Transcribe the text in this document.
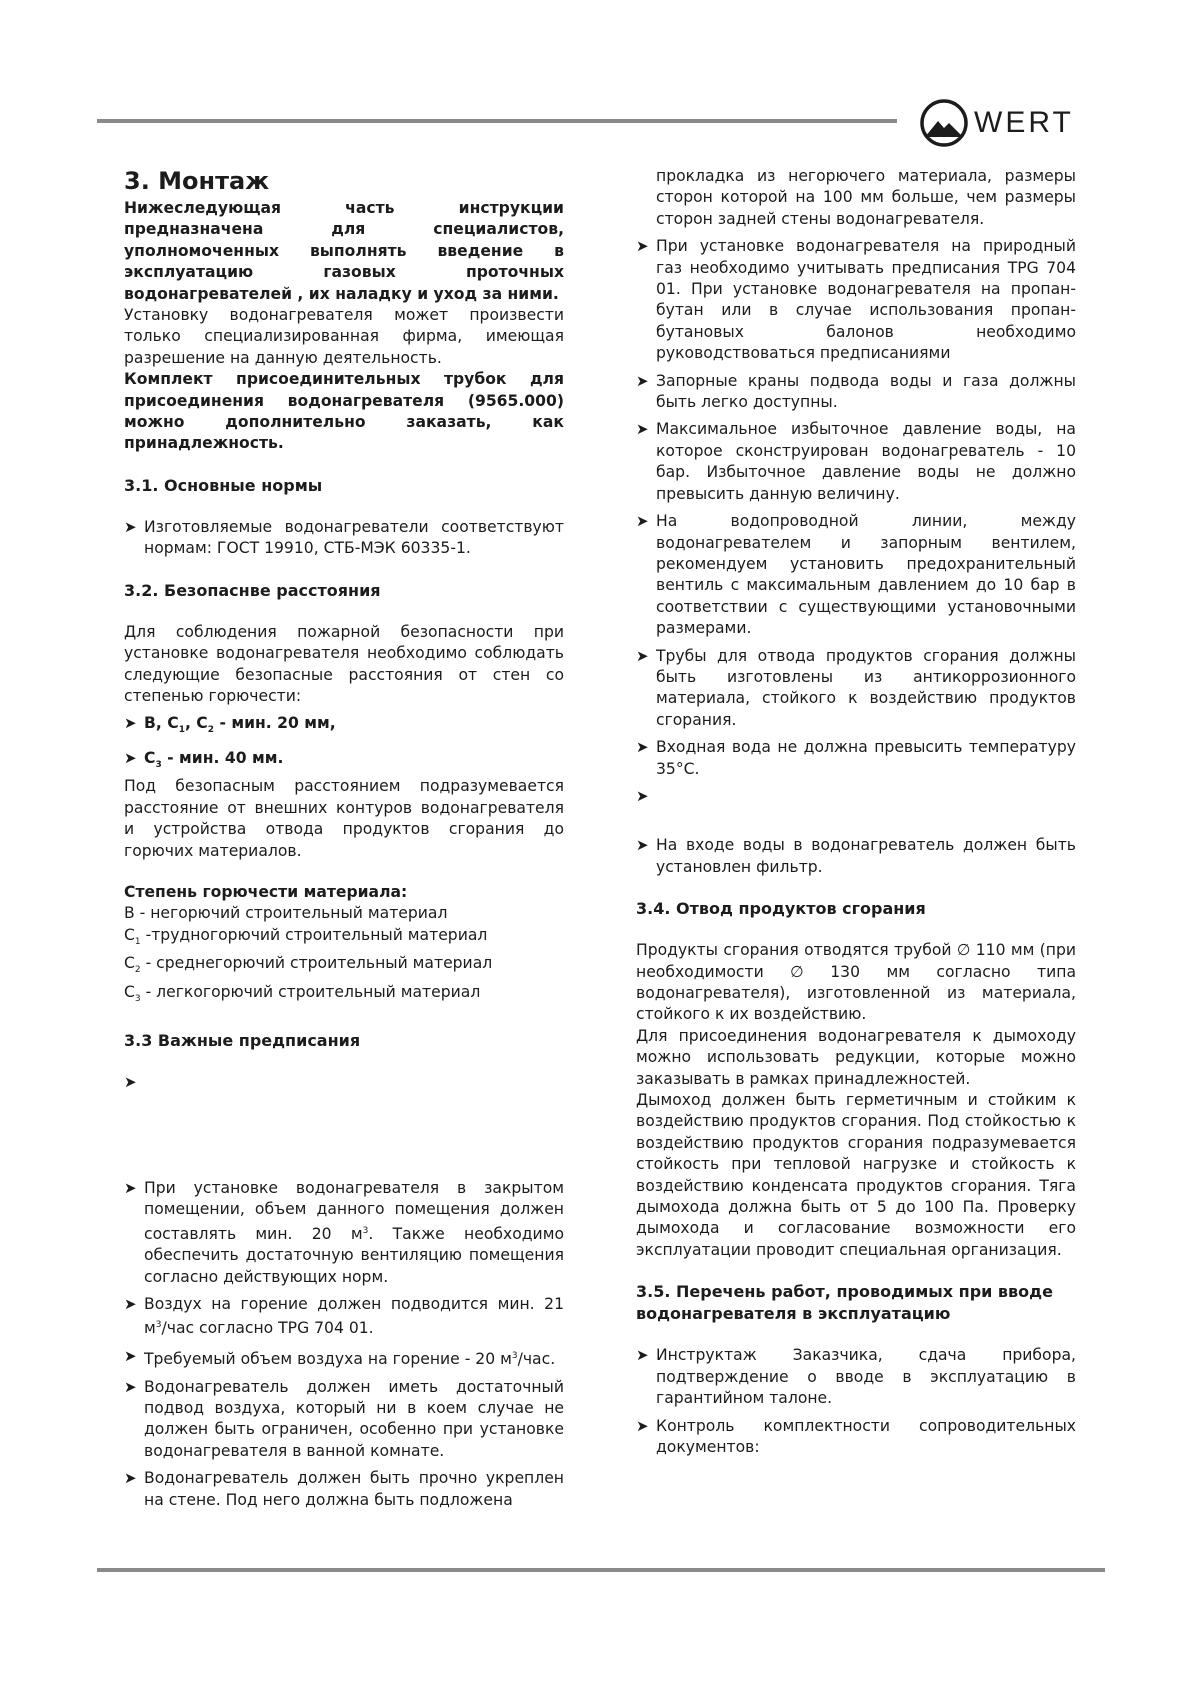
WERT
3. Монтаж

Нижеследующая часть инструкции предназначена для специалистов, уполномоченных выполнять введение в эксплуатацию газовых проточных водонагревателей , их наладку и уход за ними.

Установку водонагревателя может произвести только специализированная фирма, имеющая разрешение на данную деятельность.

Комплект присоединительных трубок для присоединения водонагревателя (9565.000) можно дополнительно заказать, как принадлежность.

3.1. Основные нормы

➤ Изготовляемые водонагреватели соответствуют нормам: ГОСТ 19910, СТБ-МЭК 60335-1.

3.2. Безопаснве расстояния

Для соблюдения пожарной безопасности при установке водонагревателя необходимо соблюдать следующие безопасные расстояния от стен со степенью горючести:

➤ В, $С_1$, $С_2$ - мин. 20 мм,

➤ $С_3$ - мин. 40 мм.

Под безопасным расстоянием подразумевается расстояние от внешних контуров водонагревателя и устройства отвода продуктов сгорания до горючих материалов.

Степень горючести материала:

В - негорючий строительный материал

$С_1$ -трудногорючий строительный материал

$С_2$ - среднегорючий строительный материал

$С_3$ - легкогорючий строительный материал

3.3 Важные предписания

➤

➤ При установке водонагревателя в закрытом помещении, объем данного помещения должен составлять мин. 20 $м^3$. Также необходимо обеспечить достаточную вентиляцию помещения согласно действующих норм.

➤ Воздух на горение должен подводится мин. 21 $м^3$/час согласно TPG 704 01.

➤ Требуемый объем воздуха на горение - 20 $м^3$/час.

➤ Водонагреватель должен иметь достаточный подвод воздуха, который ни в коем случае не должен быть ограничен, особенно при установке водонагревателя в ванной комнате.

➤ Водонагреватель должен быть прочно укреплен на стене. Под него должна быть подложена

прокладка из негорючего материала, размеры сторон которой на 100 мм больше, чем размеры сторон задней стены водонагревателя.

➤ При установке водонагревателя на природный газ необходимо учитывать предписания TPG 704 01. При установке водонагревателя на пропан-бутан или в случае использования пропан-бутановых балонов необходимо руководствоваться предписаниями

➤ Запорные краны подвода воды и газа должны быть легко доступны.

➤ Максимальное избыточное давление воды, на которое сконструирован водонагреватель - 10 бар. Избыточное давление воды не должно превысить данную величину.

➤ На водопроводной линии, между водонагревателем и запорным вентилем, рекомендуем установить предохранительный вентиль с максимальным давлением до 10 бар в соответствии с существующими установочными размерами.

➤ Трубы для отвода продуктов сгорания должны быть изготовлены из антикоррозионного материала, стойкого к воздействию продуктов сгорания.

➤ Входная вода не должна превысить температуру 35°С.

➤

➤ На входе воды в водонагреватель должен быть установлен фильтр.

3.4. Отвод продуктов сгорания

Продукты сгорания отводятся трубой ∅ 110 мм (при необходимости ∅ 130 мм согласно типа водонагревателя), изготовленной из материала, стойкого к их воздействию.

Для присоединения водонагревателя к дымоходу можно использовать редукции, которые можно заказывать в рамках принадлежностей.

Дымоход должен быть герметичным и стойким к воздействию продуктов сгорания. Под стойкостью к воздействию продуктов сгорания подразумевается стойкость при тепловой нагрузке и стойкость к воздействию конденсата продуктов сгорания. Тяга дымохода должна быть от 5 до 100 Па. Проверку дымохода и согласование возможности его эксплуатации проводит специальная организация.

3.5. Перечень работ, проводимых при вводе водонагревателя в эксплуатацию

➤ Инструктаж Заказчика, сдача прибора, подтверждение о вводе в эксплуатацию в гарантийном талоне.

➤ Контроль комплектности сопроводительных документов:
